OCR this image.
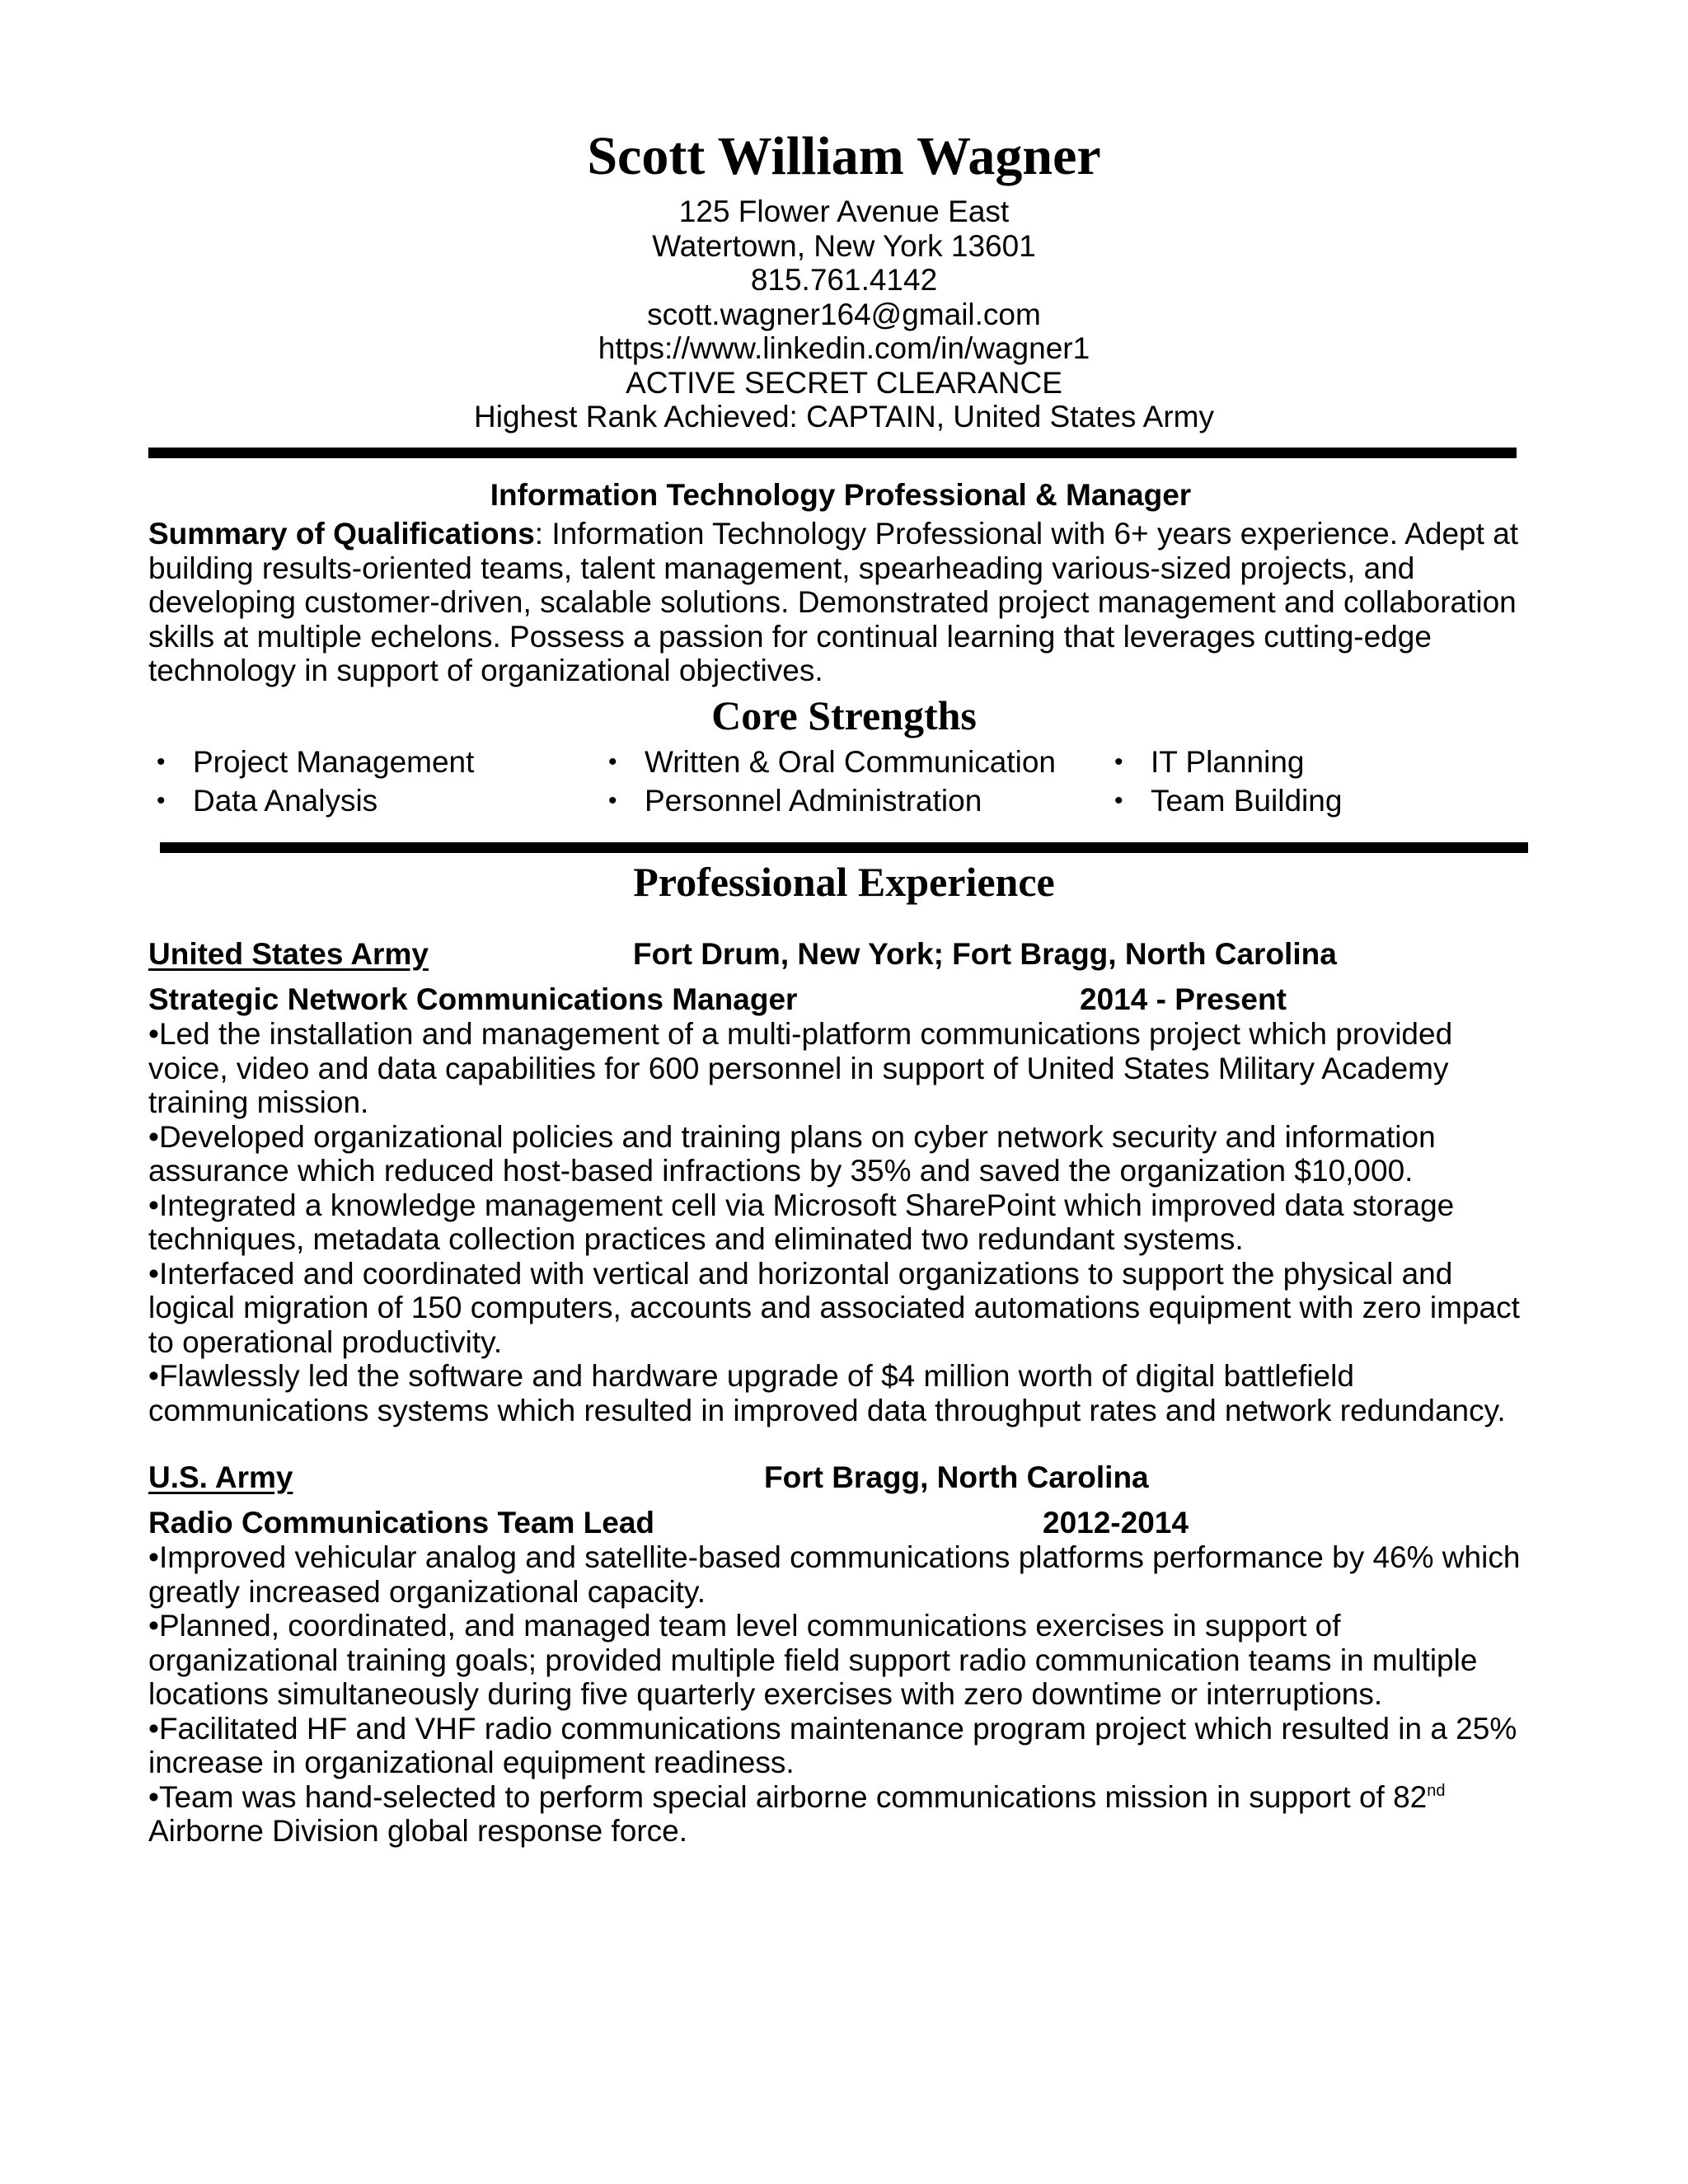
Scott William Wagner
125 Flower Avenue East
Watertown, New York 13601
815.761.4142
scott.wagner164@gmail.com
https://www.linkedin.com/in/wagner1
ACTIVE SECRET CLEARANCE
Highest Rank Achieved: CAPTAIN, United States Army
Information Technology Professional & Manager
Summary of Qualifications: Information Technology Professional with 6+ years experience. Adept at
building results-oriented teams, talent management, spearheading various-sized projects, and
developing customer-driven, scalable solutions. Demonstrated project management and collaboration
skills at multiple echelons. Possess a passion for continual learning that leverages cutting-edge
technology in support of organizational objectives.
Core Strengths
• Project Management	• Written & Oral Communication • IT Planning
• Data Analysis	• Personnel Administration	• Team Building
Professional Experience
United States Army	Fort Drum, New York; Fort Bragg, North Carolina
Strategic Network Communications Manager	2014 - Present
•Led the installation and management of a multi-platform communications project which provided
voice, video and data capabilities for 600 personnel in support of United States Military Academy
training mission.
•Developed organizational policies and training plans on cyber network security and information
assurance which reduced host-based infractions by 35% and saved the organization $10,000.
•Integrated a knowledge management cell via Microsoft SharePoint which improved data storage
techniques, metadata collection practices and eliminated two redundant systems.
•Interfaced and coordinated with vertical and horizontal organizations to support the physical and
logical migration of 150 computers, accounts and associated automations equipment with zero impact
to operational productivity.
•Flawlessly led the software and hardware upgrade of $4 million worth of digital battlefield
communications systems which resulted in improved data throughput rates and network redundancy.
U.S. Army	Fort Bragg, North Carolina
Radio Communications Team Lead	2012-2014
•Improved vehicular analog and satellite-based communications platforms performance by 46% which
greatly increased organizational capacity.
•Planned, coordinated, and managed team level communications exercises in support of
organizational training goals; provided multiple field support radio communication teams in multiple
locations simultaneously during five quarterly exercises with zero downtime or interruptions.
•Facilitated HF and VHF radio communications maintenance program project which resulted in a 25%
increase in organizational equipment readiness.
•Team was hand-selected to perform special airborne communications mission in support of 82nd
Airborne Division global response force.
